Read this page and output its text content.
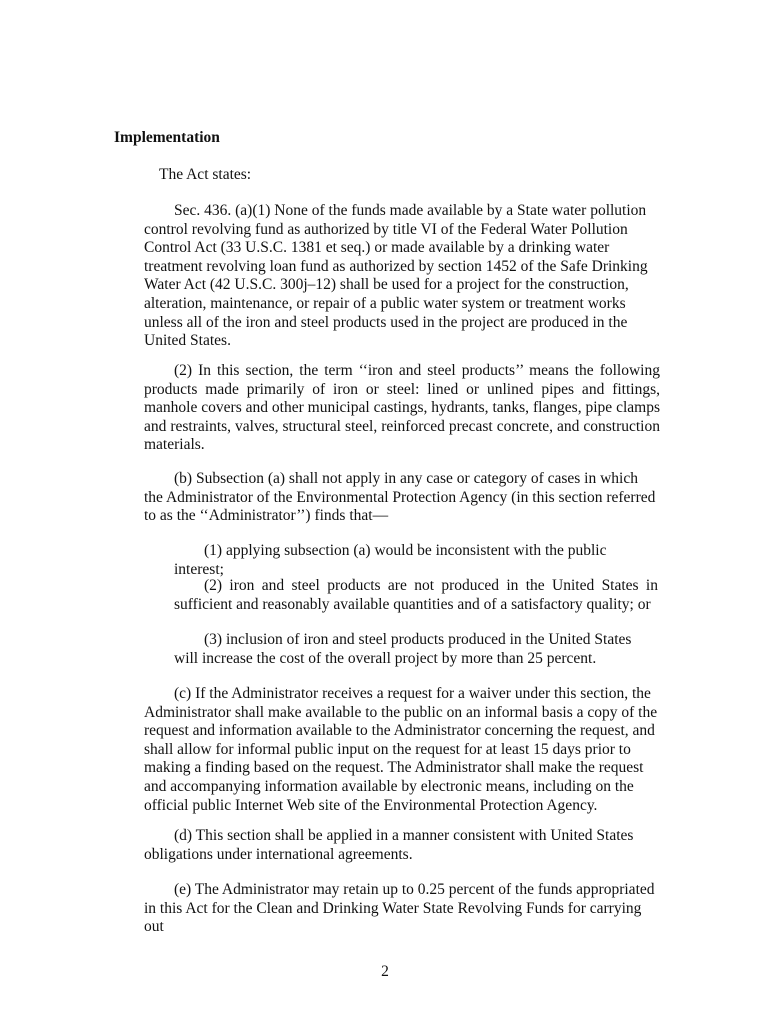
Implementation

The Act states:

Sec. 436. (a)(1) None of the funds made available by a State water pollution control revolving fund as authorized by title VI of the Federal Water Pollution Control Act (33 U.S.C. 1381 et seq.) or made available by a drinking water treatment revolving loan fund as authorized by section 1452 of the Safe Drinking Water Act (42 U.S.C. 300j–12) shall be used for a project for the construction, alteration, maintenance, or repair of a public water system or treatment works unless all of the iron and steel products used in the project are produced in the United States.

(2) In this section, the term ‘‘iron and steel products’’ means the following products made primarily of iron or steel: lined or unlined pipes and fittings, manhole covers and other municipal castings, hydrants, tanks, flanges, pipe clamps and restraints, valves, structural steel, reinforced precast concrete, and construction materials.

(b) Subsection (a) shall not apply in any case or category of cases in which the Administrator of the Environmental Protection Agency (in this section referred to as the ‘‘Administrator’’) finds that—

(1) applying subsection (a) would be inconsistent with the public interest;

(2) iron and steel products are not produced in the United States in sufficient and reasonably available quantities and of a satisfactory quality; or

(3) inclusion of iron and steel products produced in the United States will increase the cost of the overall project by more than 25 percent.

(c) If the Administrator receives a request for a waiver under this section, the Administrator shall make available to the public on an informal basis a copy of the request and information available to the Administrator concerning the request, and shall allow for informal public input on the request for at least 15 days prior to making a finding based on the request. The Administrator shall make the request and accompanying information available by electronic means, including on the official public Internet Web site of the Environmental Protection Agency.

(d) This section shall be applied in a manner consistent with United States obligations under international agreements.

(e) The Administrator may retain up to 0.25 percent of the funds appropriated in this Act for the Clean and Drinking Water State Revolving Funds for carrying out

2
